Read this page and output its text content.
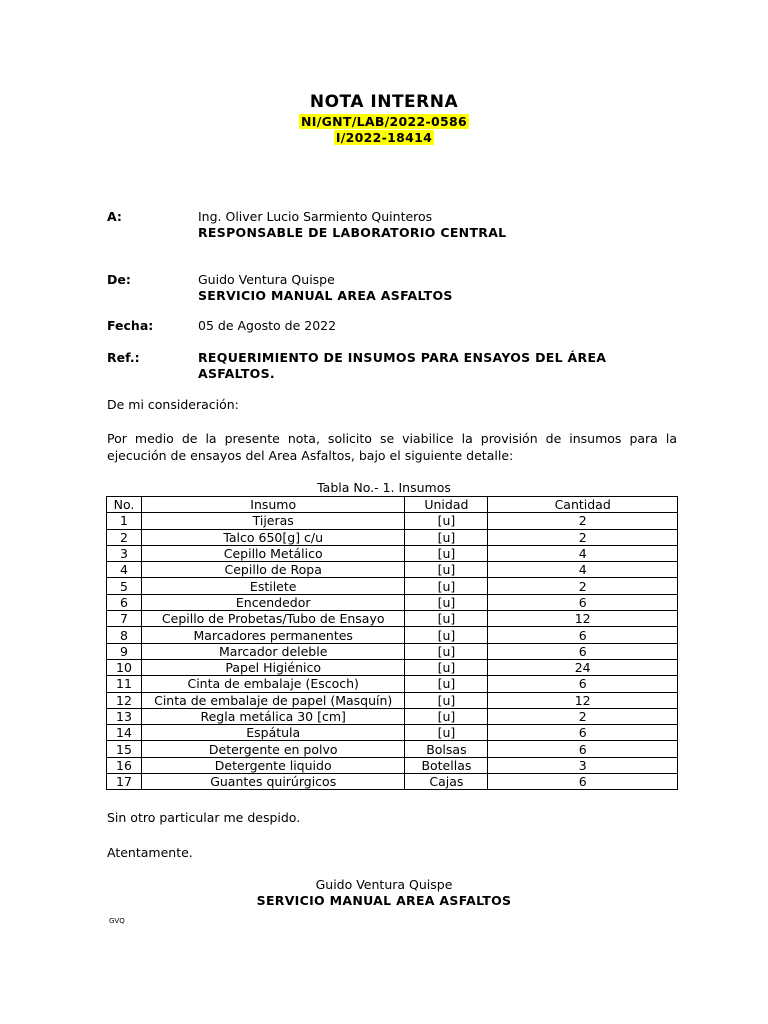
NOTA INTERNA
NI/GNT/LAB/2022-0586
I/2022-18414
A:	Ing. Oliver Lucio Sarmiento Quinteros
RESPONSABLE DE LABORATORIO CENTRAL
De:	Guido Ventura Quispe
SERVICIO MANUAL AREA ASFALTOS
Fecha:	05 de Agosto de 2022
Ref.:	REQUERIMIENTO DE INSUMOS PARA ENSAYOS DEL ÁREA ASFALTOS.
De mi consideración:
Por medio de la presente nota, solicito se viabilice la provisión de insumos para la ejecución de ensayos del Area Asfaltos, bajo el siguiente detalle:
Tabla No.- 1. Insumos
No.	Insumo	Unidad	Cantidad
1	Tijeras	[u]	2
2	Talco 650[g] c/u	[u]	2
3	Cepillo Metálico	[u]	4
4	Cepillo de Ropa	[u]	4
5	Estilete	[u]	2
6	Encendedor	[u]	6
7	Cepillo de Probetas/Tubo de Ensayo	[u]	12
8	Marcadores permanentes	[u]	6
9	Marcador deleble	[u]	6
10	Papel Higiénico	[u]	24
11	Cinta de embalaje (Escoch)	[u]	6
12	Cinta de embalaje de papel (Masquín)	[u]	12
13	Regla metálica 30 [cm]	[u]	2
14	Espátula	[u]	6
15	Detergente en polvo	Bolsas	6
16	Detergente liquido	Botellas	3
17	Guantes quirúrgicos	Cajas	6
Sin otro particular me despido.
Atentamente.
Guido Ventura Quispe
SERVICIO MANUAL AREA ASFALTOS
GVQ
